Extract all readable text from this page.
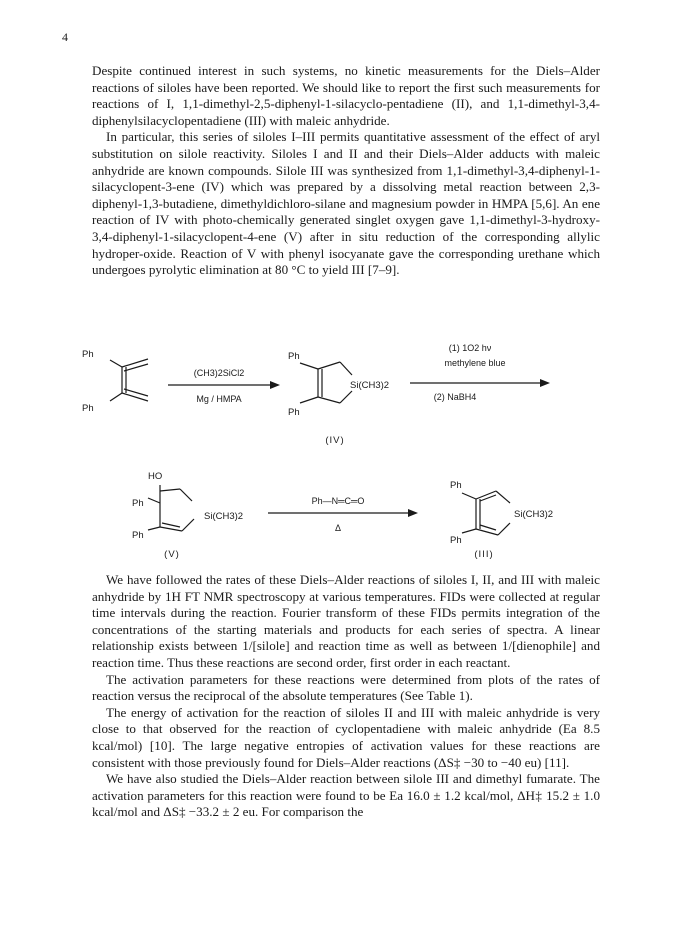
4

Despite continued interest in such systems, no kinetic measurements for the Diels–Alder reactions of siloles have been reported. We should like to report the first such measurements for reactions of I, 1,1-dimethyl-2,5-diphenyl-1-silacyclo-pentadiene (II), and 1,1-dimethyl-3,4-diphenylsilacyclopentadiene (III) with maleic anhydride.

In particular, this series of siloles I–III permits quantitative assessment of the effect of aryl substitution on silole reactivity. Siloles I and II and their Diels–Alder adducts with maleic anhydride are known compounds. Silole III was synthesized from 1,1-dimethyl-3,4-diphenyl-1-silacyclopent-3-ene (IV) which was prepared by a dissolving metal reaction between 2,3-diphenyl-1,3-butadiene, dimethyldichloro-silane and magnesium powder in HMPA [5,6]. An ene reaction of IV with photo-chemically generated singlet oxygen gave 1,1-dimethyl-3-hydroxy-3,4-diphenyl-1-silacyclopent-4-ene (V) after in situ reduction of the corresponding allylic hydroper-oxide. Reaction of V with phenyl isocyanate gave the corresponding urethane which undergoes pyrolytic elimination at 80 °C to yield III [7–9].

Ph
Ph
(CH3)2SiCl2
Mg / HMPA
Ph
Ph
Si(CH3)2
(IV)
(1) 1O2 hν
methylene blue
(2) NaBH4
HO
Ph
Ph
Si(CH3)2
(V)
Ph—N═C═O
Δ
Ph
Ph
Si(CH3)2
(III)

We have followed the rates of these Diels–Alder reactions of siloles I, II, and III with maleic anhydride by 1H FT NMR spectroscopy at various temperatures. FIDs were collected at regular time intervals during the reaction. Fourier transform of these FIDs permits integration of the concentrations of the starting materials and products for each series of spectra. A linear relationship exists between 1/[silole] and reaction time as well as between 1/[dienophile] and reaction time. Thus these reactions are second order, first order in each reactant.

The activation parameters for these reactions were determined from plots of the rates of reaction versus the reciprocal of the absolute temperatures (See Table 1).

The energy of activation for the reaction of siloles II and III with maleic anhydride is very close to that observed for the reaction of cyclopentadiene with maleic anhydride (Ea 8.5 kcal/mol) [10]. The large negative entropies of activation values for these reactions are consistent with those previously found for Diels–Alder reactions (ΔS‡ −30 to −40 eu) [11].

We have also studied the Diels–Alder reaction between silole III and dimethyl fumarate. The activation parameters for this reaction were found to be Ea 16.0 ± 1.2 kcal/mol, ΔH‡ 15.2 ± 1.0 kcal/mol and ΔS‡ −33.2 ± 2 eu. For comparison the
